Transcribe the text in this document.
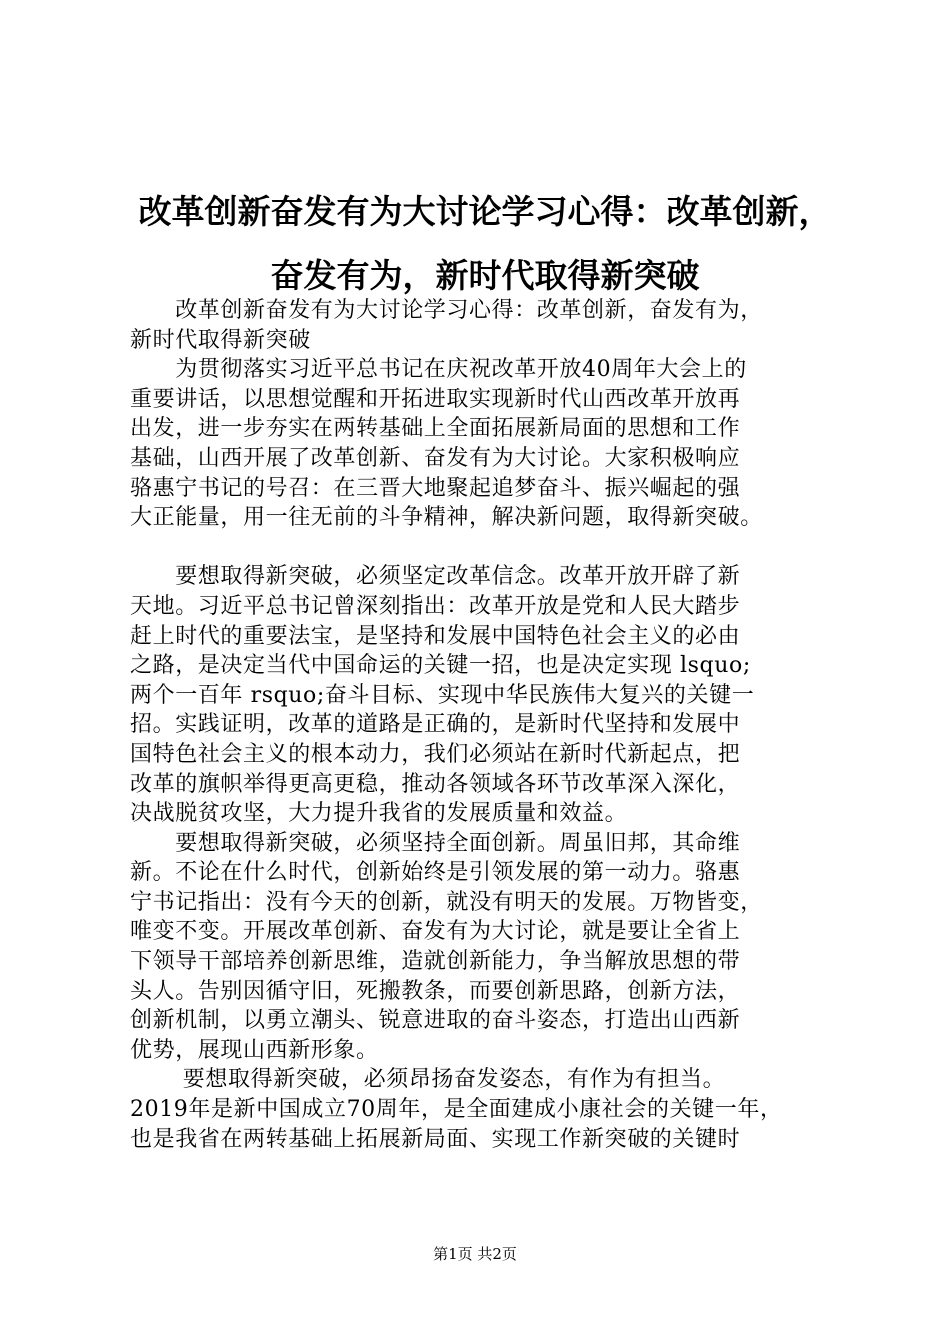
改革创新奋发有为大讨论学习心得：改革创新，
奋发有为，新时代取得新突破
　　改革创新奋发有为大讨论学习心得：改革创新，奋发有为，
新时代取得新突破
　　为贯彻落实习近平总书记在庆祝改革开放40周年大会上的
重要讲话，以思想觉醒和开拓进取实现新时代山西改革开放再
出发，进一步夯实在两转基础上全面拓展新局面的思想和工作
基础，山西开展了改革创新、奋发有为大讨论。大家积极响应
骆惠宁书记的号召：在三晋大地聚起追梦奋斗、振兴崛起的强
大正能量，用一往无前的斗争精神，解决新问题，取得新突破。
　　要想取得新突破，必须坚定改革信念。改革开放开辟了新
天地。习近平总书记曾深刻指出：改革开放是党和人民大踏步
赶上时代的重要法宝，是坚持和发展中国特色社会主义的必由
之路，是决定当代中国命运的关键一招，也是决定实现 lsquo;
两个一百年 rsquo;奋斗目标、实现中华民族伟大复兴的关键一
招。实践证明，改革的道路是正确的，是新时代坚持和发展中
国特色社会主义的根本动力，我们必须站在新时代新起点，把
改革的旗帜举得更高更稳，推动各领域各环节改革深入深化，
决战脱贫攻坚，大力提升我省的发展质量和效益。
　　要想取得新突破，必须坚持全面创新。周虽旧邦，其命维
新。不论在什么时代，创新始终是引领发展的第一动力。骆惠
宁书记指出：没有今天的创新，就没有明天的发展。万物皆变，
唯变不变。开展改革创新、奋发有为大讨论，就是要让全省上
下领导干部培养创新思维，造就创新能力，争当解放思想的带
头人。告别因循守旧，死搬教条，而要创新思路，创新方法，
创新机制，以勇立潮头、锐意进取的奋斗姿态，打造出山西新
优势，展现山西新形象。
　　 要想取得新突破，必须昂扬奋发姿态，有作为有担当。
2019年是新中国成立70周年，是全面建成小康社会的关键一年，
也是我省在两转基础上拓展新局面、实现工作新突破的关键时
第1页 共2页
